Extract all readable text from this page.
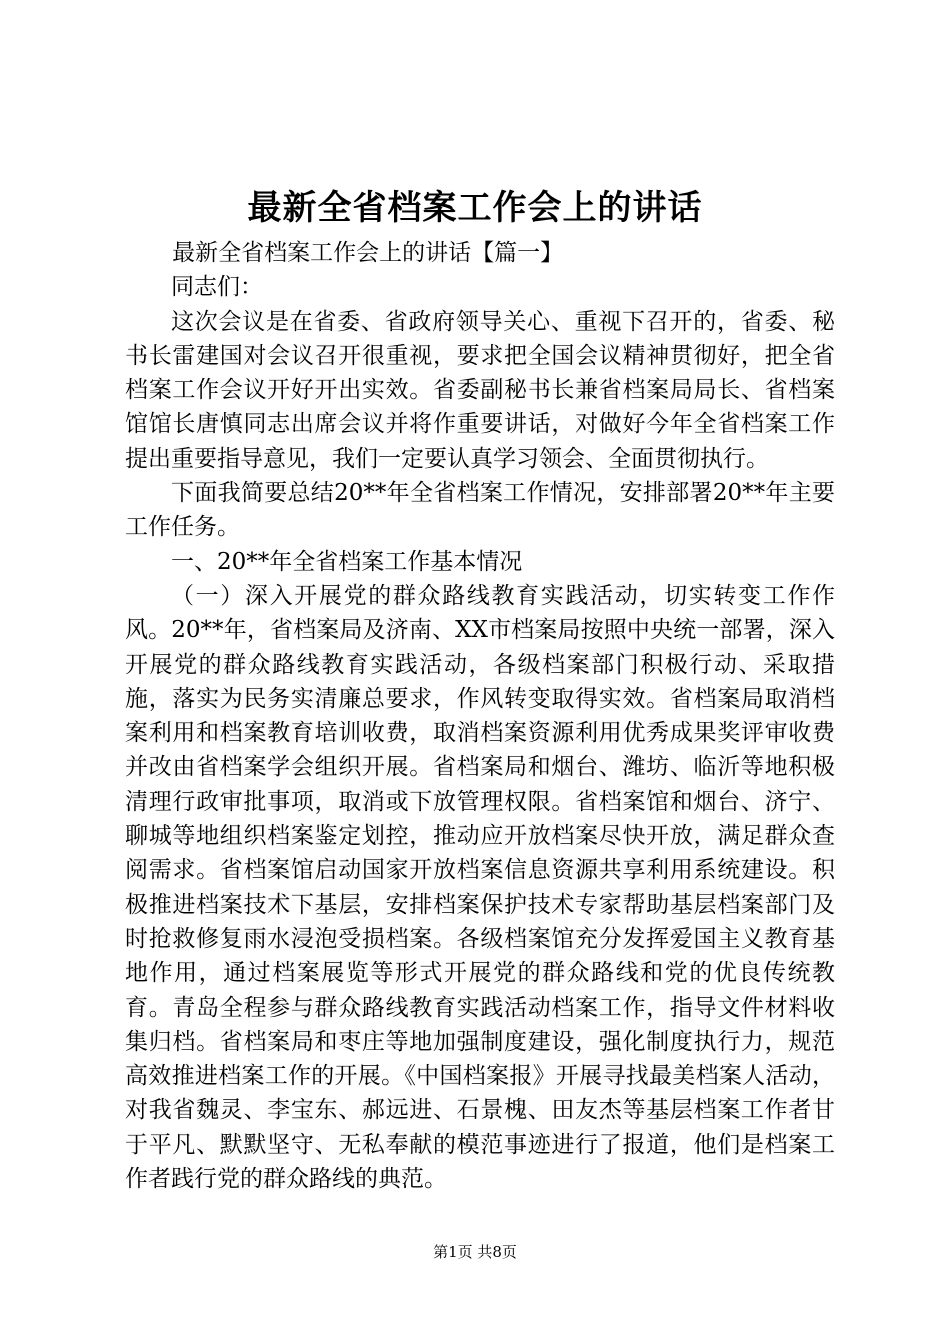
最新全省档案工作会上的讲话

最新全省档案工作会上的讲话【篇一】

同志们：

这次会议是在省委、省政府领导关心、重视下召开的，省委、秘书长雷建国对会议召开很重视，要求把全国会议精神贯彻好，把全省档案工作会议开好开出实效。省委副秘书长兼省档案局局长、省档案馆馆长唐慎同志出席会议并将作重要讲话，对做好今年全省档案工作提出重要指导意见，我们一定要认真学习领会、全面贯彻执行。

下面我简要总结20**年全省档案工作情况，安排部署20**年主要工作任务。

一、20**年全省档案工作基本情况

（一）深入开展党的群众路线教育实践活动，切实转变工作作风。20**年，省档案局及济南、XX市档案局按照中央统一部署，深入开展党的群众路线教育实践活动，各级档案部门积极行动、采取措施，落实为民务实清廉总要求，作风转变取得实效。省档案局取消档案利用和档案教育培训收费，取消档案资源利用优秀成果奖评审收费并改由省档案学会组织开展。省档案局和烟台、潍坊、临沂等地积极清理行政审批事项，取消或下放管理权限。省档案馆和烟台、济宁、聊城等地组织档案鉴定划控，推动应开放档案尽快开放，满足群众查阅需求。省档案馆启动国家开放档案信息资源共享利用系统建设。积极推进档案技术下基层，安排档案保护技术专家帮助基层档案部门及时抢救修复雨水浸泡受损档案。各级档案馆充分发挥爱国主义教育基地作用，通过档案展览等形式开展党的群众路线和党的优良传统教育。青岛全程参与群众路线教育实践活动档案工作，指导文件材料收集归档。省档案局和枣庄等地加强制度建设，强化制度执行力，规范高效推进档案工作的开展。《中国档案报》开展寻找最美档案人活动，对我省魏灵、李宝东、郝远进、石景槐、田友杰等基层档案工作者甘于平凡、默默坚守、无私奉献的模范事迹进行了报道，他们是档案工作者践行党的群众路线的典范。

第1页 共8页
